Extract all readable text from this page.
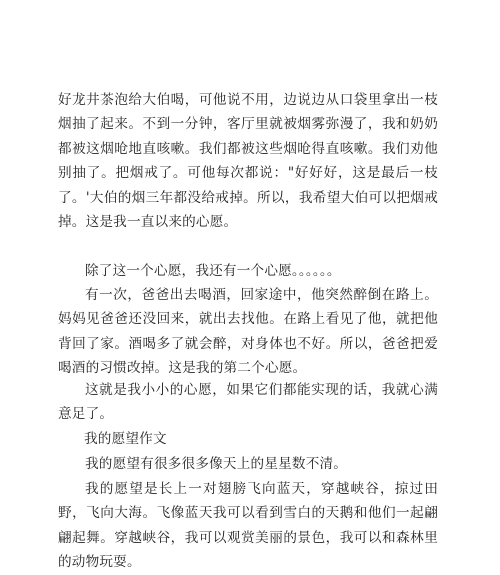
好龙井茶泡给大伯喝，可他说不用，边说边从口袋里拿出一枝烟抽了起来。不到一分钟，客厅里就被烟雾弥漫了，我和奶奶都被这烟呛地直咳嗽。我们都被这些烟呛得直咳嗽。我们劝他别抽了。把烟戒了。可他每次都说："好好好，这是最后一枝了。'大伯的烟三年都没给戒掉。所以，我希望大伯可以把烟戒掉。这是我一直以来的心愿。

除了这一个心愿，我还有一个心愿。。。。。。

有一次，爸爸出去喝酒，回家途中，他突然醉倒在路上。妈妈见爸爸还没回来，就出去找他。在路上看见了他，就把他背回了家。酒喝多了就会醉，对身体也不好。所以，爸爸把爱喝酒的习惯改掉。这是我的第二个心愿。

这就是我小小的心愿，如果它们都能实现的话，我就心满意足了。

我的愿望作文

我的愿望有很多很多像天上的星星数不清。

我的愿望是长上一对翅膀飞向蓝天，穿越峡谷，掠过田野，飞向大海。飞像蓝天我可以看到雪白的天鹅和他们一起翩翩起舞。穿越峡谷，我可以观赏美丽的景色，我可以和森林里的动物玩耍。
